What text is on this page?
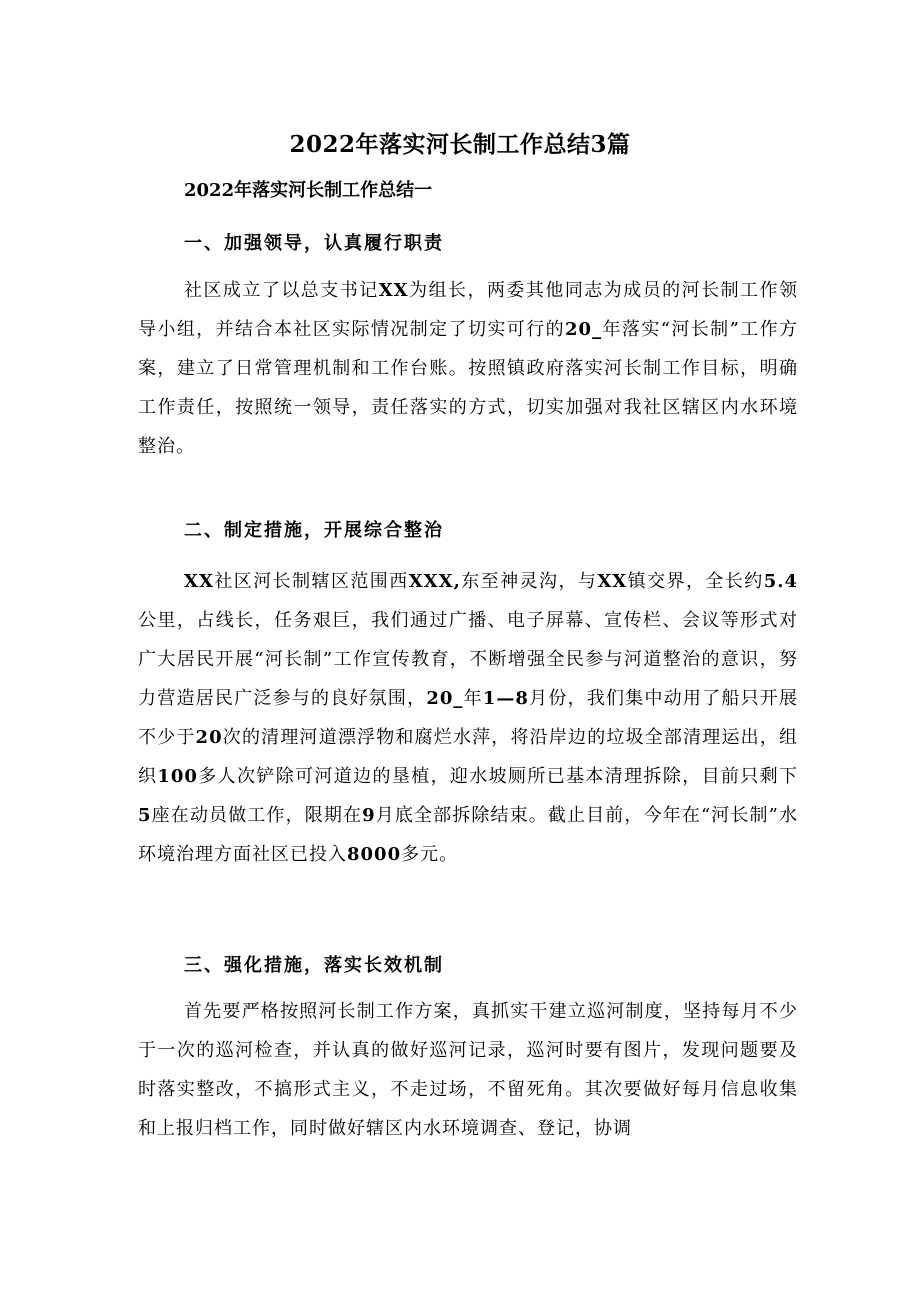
2022年落实河长制工作总结3篇
2022年落实河长制工作总结一
一、加强领导，认真履行职责

社区成立了以总支书记XX为组长，两委其他同志为成员的河长制工作领导小组，并结合本社区实际情况制定了切实可行的20_年落实“河长制”工作方案，建立了日常管理机制和工作台账。按照镇政府落实河长制工作目标，明确工作责任，按照统一领导，责任落实的方式，切实加强对我社区辖区内水环境整治。

二、制定措施，开展综合整治

XX社区河长制辖区范围西XXX,东至神灵沟，与XX镇交界，全长约5.4公里，占线长，任务艰巨，我们通过广播、电子屏幕、宣传栏、会议等形式对广大居民开展“河长制”工作宣传教育，不断增强全民参与河道整治的意识，努力营造居民广泛参与的良好氛围，20_年1—8月份，我们集中动用了船只开展不少于20次的清理河道漂浮物和腐烂水萍，将沿岸边的垃圾全部清理运出，组织100多人次铲除可河道边的垦植，迎水坡厕所已基本清理拆除，目前只剩下5座在动员做工作，限期在9月底全部拆除结束。截止目前，今年在“河长制”水环境治理方面社区已投入8000多元。

三、强化措施，落实长效机制

首先要严格按照河长制工作方案，真抓实干建立巡河制度，坚持每月不少于一次的巡河检查，并认真的做好巡河记录，巡河时要有图片，发现问题要及时落实整改，不搞形式主义，不走过场，不留死角。其次要做好每月信息收集和上报归档工作，同时做好辖区内水环境调查、登记，协调
